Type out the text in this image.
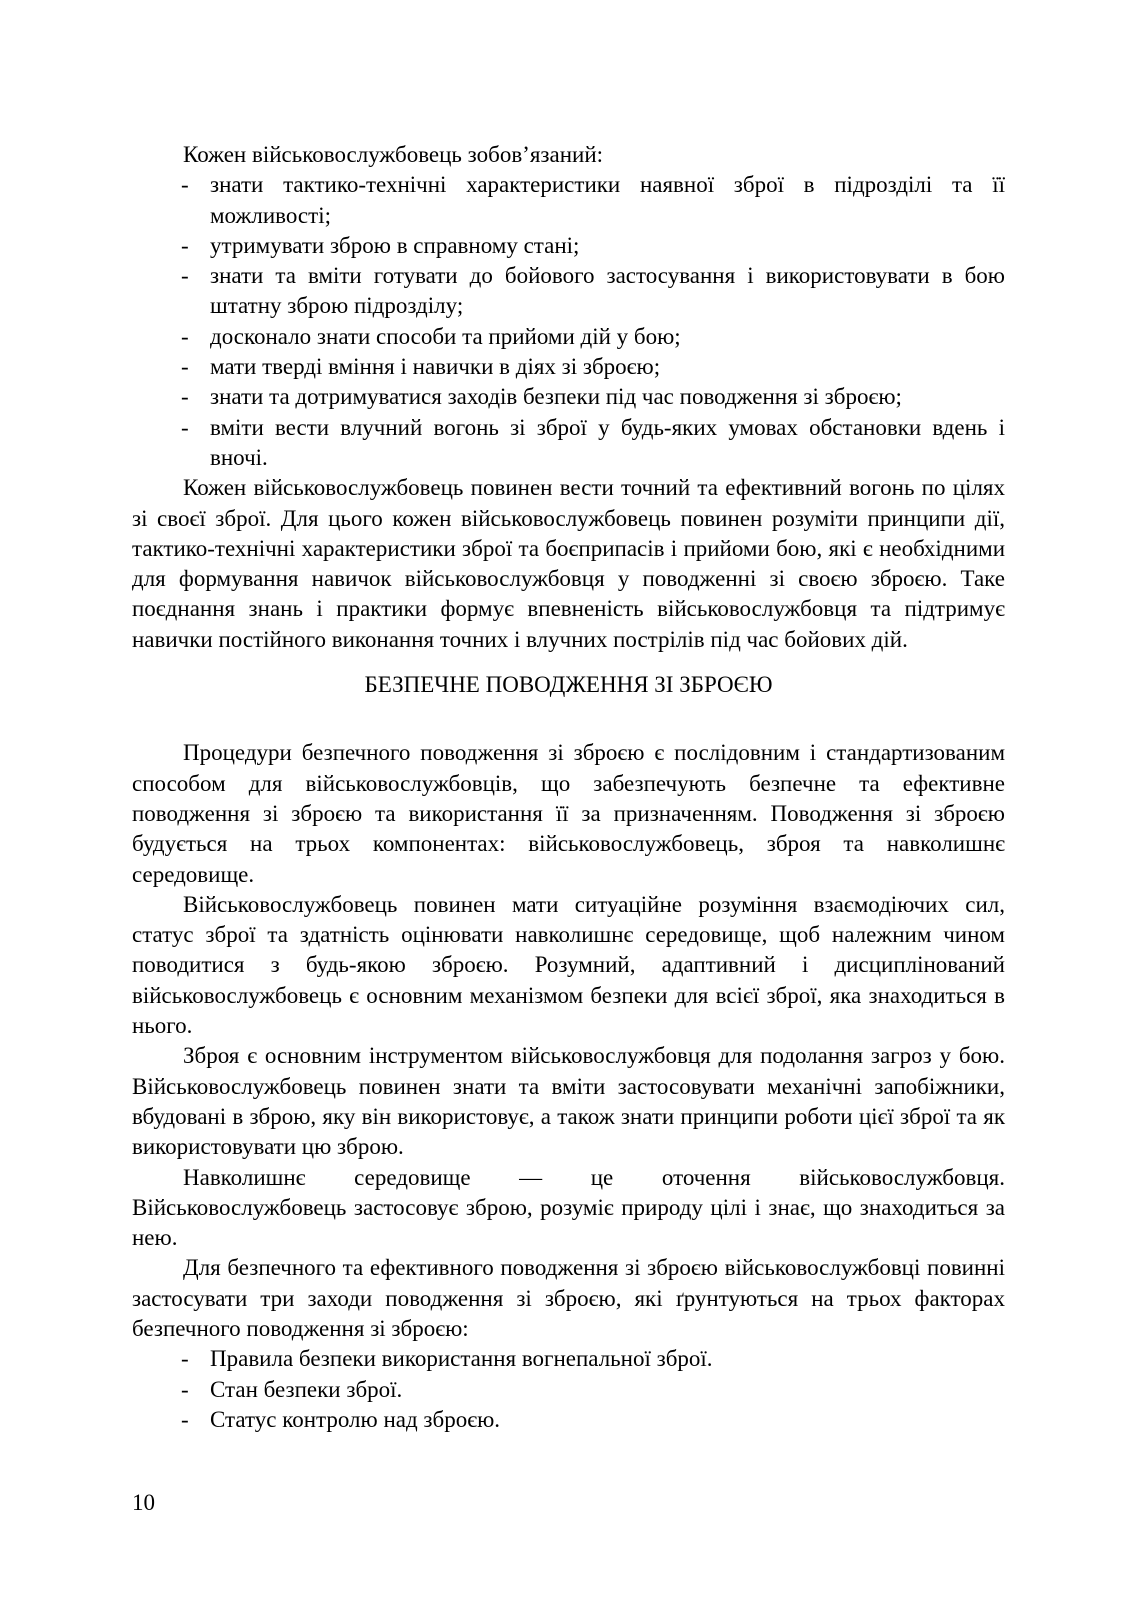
Кожен військовослужбовець зобов’язаний:

- знати тактико-технічні характеристики наявної зброї в підрозділі та її можливості;
- утримувати зброю в справному стані;
- знати та вміти готувати до бойового застосування і використовувати в бою штатну зброю підрозділу;
- досконало знати способи та прийоми дій у бою;
- мати тверді вміння і навички в діях зі зброєю;
- знати та дотримуватися заходів безпеки під час поводження зі зброєю;
- вміти вести влучний вогонь зі зброї у будь-яких умовах обстановки вдень і вночі.

Кожен військовослужбовець повинен вести точний та ефективний вогонь по цілях зі своєї зброї. Для цього кожен військовослужбовець повинен розуміти принципи дії, тактико-технічні характеристики зброї та боєприпасів і прийоми бою, які є необхідними для формування навичок військовослужбовця у поводженні зі своєю зброєю. Таке поєднання знань і практики формує впевненість військовослужбовця та підтримує навички постійного виконання точних і влучних пострілів під час бойових дій.

БЕЗПЕЧНЕ ПОВОДЖЕННЯ ЗІ ЗБРОЄЮ

Процедури безпечного поводження зі зброєю є послідовним і стандартизованим способом для військовослужбовців, що забезпечують безпечне та ефективне поводження зі зброєю та використання її за призначенням. Поводження зі зброєю будується на трьох компонентах: військовослужбовець, зброя та навколишнє середовище.

Військовослужбовець повинен мати ситуаційне розуміння взаємодіючих сил, статус зброї та здатність оцінювати навколишнє середовище, щоб належним чином поводитися з будь-якою зброєю. Розумний, адаптивний і дисциплінований військовослужбовець є основним механізмом безпеки для всієї зброї, яка знаходиться в нього.

Зброя є основним інструментом військовослужбовця для подолання загроз у бою. Військовослужбовець повинен знати та вміти застосовувати механічні запобіжники, вбудовані в зброю, яку він використовує, а також знати принципи роботи цієї зброї та як використовувати цю зброю.

Навколишнє середовище — це оточення військовослужбовця. Військовослужбовець застосовує зброю, розуміє природу цілі і знає, що знаходиться за нею.

Для безпечного та ефективного поводження зі зброєю військовослужбовці повинні застосувати три заходи поводження зі зброєю, які ґрунтуються на трьох факторах безпечного поводження зі зброєю:

- Правила безпеки використання вогнепальної зброї.
- Стан безпеки зброї.
- Статус контролю над зброєю.
10
